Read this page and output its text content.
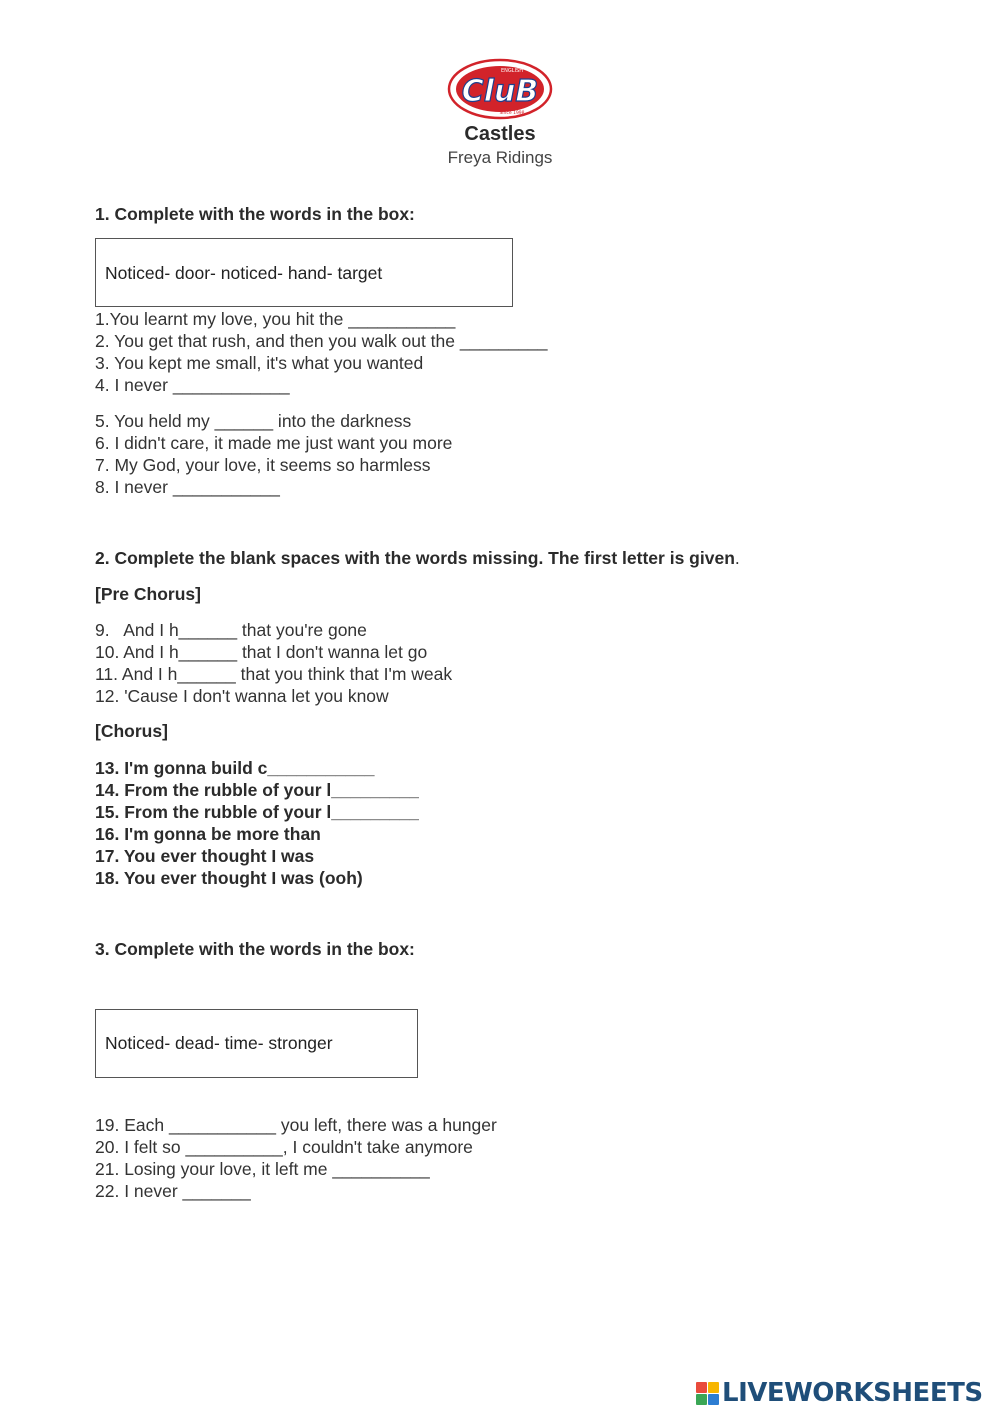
CluB
ENGLISH
Since 1998
Castles
Freya Ridings
1. Complete with the words in the box:
Noticed- door- noticed- hand- target
1.You learnt my love, you hit the ___________
2. You get that rush, and then you walk out the _________
3. You kept me small, it's what you wanted
4. I never ____________
5. You held my ______ into the darkness
6. I didn't care, it made me just want you more
7. My God, your love, it seems so harmless
8. I never ___________
2. Complete the blank spaces with the words missing. The first letter is given.
[Pre Chorus]
9.   And I h______ that you're gone
10. And I h______ that I don't wanna let go
11. And I h______ that you think that I'm weak
12. 'Cause I don't wanna let you know
[Chorus]
13. I'm gonna build c___________
14. From the rubble of your l_________
15. From the rubble of your l_________
16. I'm gonna be more than
17. You ever thought I was
18. You ever thought I was (ooh)
3. Complete with the words in the box:
Noticed- dead- time- stronger
19. Each ___________ you left, there was a hunger
20. I felt so __________, I couldn't take anymore
21. Losing your love, it left me __________
22. I never _______
LIVEWORKSHEETS
